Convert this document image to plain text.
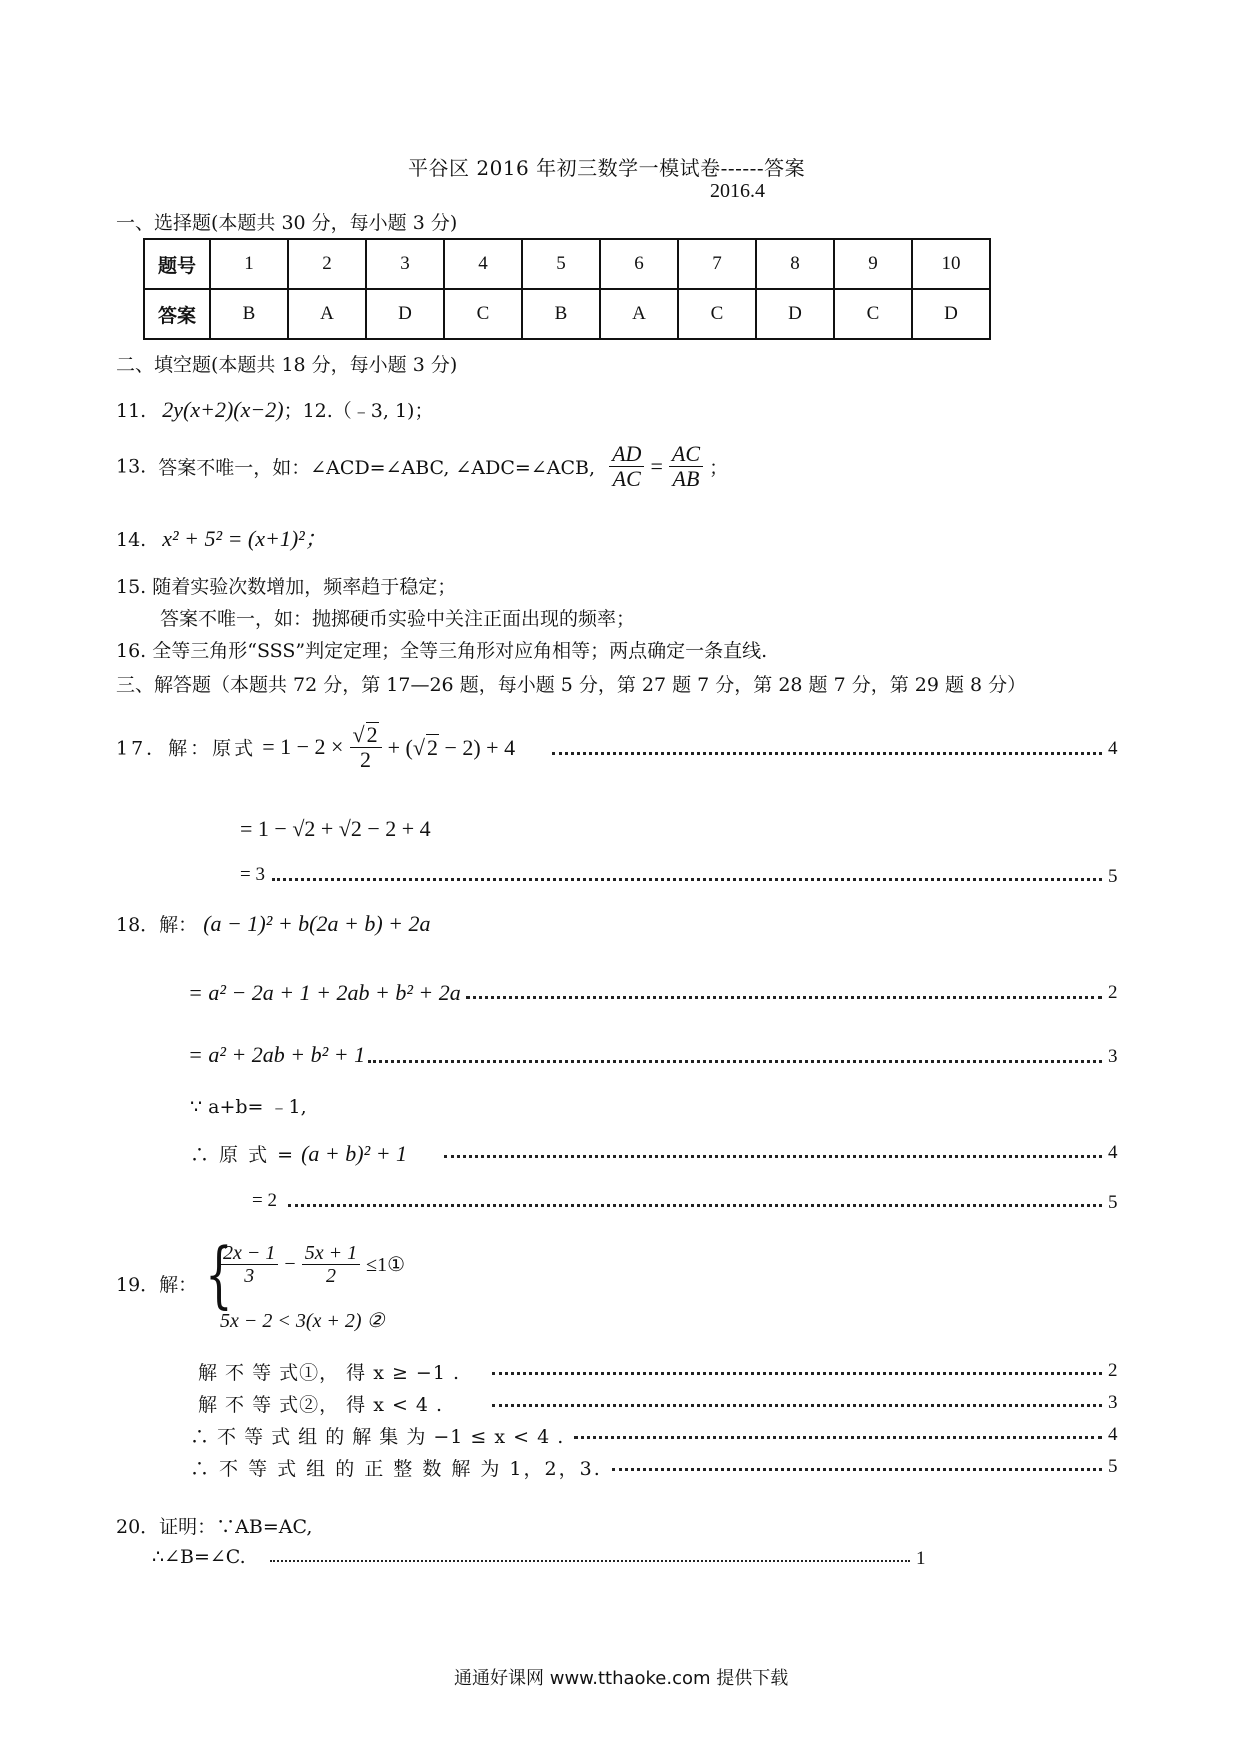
平谷区 2016 年初三数学一模试卷------答案
2016.4
一、选择题(本题共 30 分，每小题 3 分)
题号	1	2	3	4	5	6	7	8	9	10
答案	B	A	D	C	B	A	C	D	C	D
二、填空题(本题共 18 分，每小题 3 分)
11. 2y(x+2)(x−2)；12.（﹣3, 1)；
13. 答案不唯一，如：∠ACD=∠ABC, ∠ADC=∠ACB, $\frac{AD}{AC} = \frac{AC}{AB}$ ；
14. x² + 5² = (x+1)²；
15. 随着实验次数增加，频率趋于稳定；
答案不唯一，如：抛掷硬币实验中关注正面出现的频率；
16. 全等三角形“SSS”判定定理；全等三角形对应角相等；两点确定一条直线.
三、解答题（本题共 72 分，第 17—26 题，每小题 5 分，第 27 题 7 分，第 28 题 7 分，第 29 题 8 分）
17．解：原式 = $1 - 2 \times \frac{√2}{2} + (√2 - 2) + 4$	4
= 1 − √2 + √2 − 2 + 4
= 3	5
18．解： (a − 1)² + b(2a + b) + 2a
= a² − 2a + 1 + 2ab + b² + 2a	2
= a² + 2ab + b² + 1	3
∵ a+b= ﹣1,
∴ 原 式 = (a + b)² + 1	4
= 2	5
19．解： {
$\frac{2x - 1}{3} - \frac{5x + 1}{2}$ ≤1①
5x − 2 < 3(x + 2) ②
解 不 等 式①， 得 x ≥ −1 .	2
解 不 等 式②， 得 x < 4 .	3
∴ 不 等 式 组 的 解 集 为 −1 ≤ x < 4 .	4
∴ 不 等 式 组 的 正 整 数 解 为 1，2，3.	5
20．证明：∵AB=AC,
∴∠B=∠C.	1
通通好课网 www.tthaoke.com 提供下载
